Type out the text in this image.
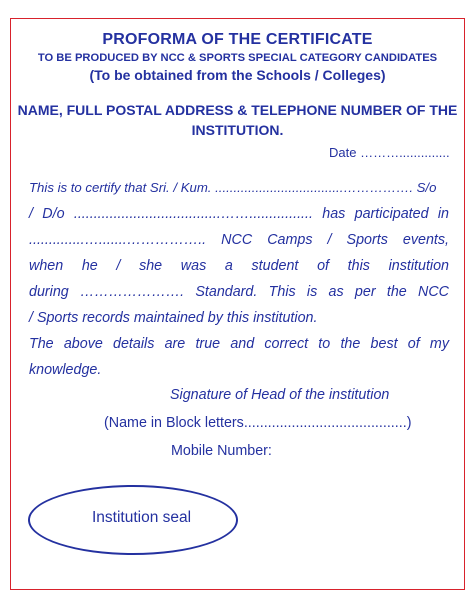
PROFORMA OF THE CERTIFICATE
TO BE PRODUCED BY NCC & SPORTS SPECIAL CATEGORY CANDIDATES
(To be obtained from the Schools / Colleges)
NAME, FULL POSTAL ADDRESS & TELEPHONE NUMBER OF THE
INSTITUTION.
Date ………..............
This is to certify that Sri. / Kum. ...................................……………. S/o
/ D/o .....................................……................ has participated in
..............….......…………….. NCC Camps / Sports events,
when he / she was a student of this institution
during …………………. Standard. This is as per the NCC
/ Sports records maintained by this institution.
The above details are true and correct to the best of my
knowledge.
Signature of Head of the institution
(Name in Block letters.........................................)
Mobile Number:
Institution seal
